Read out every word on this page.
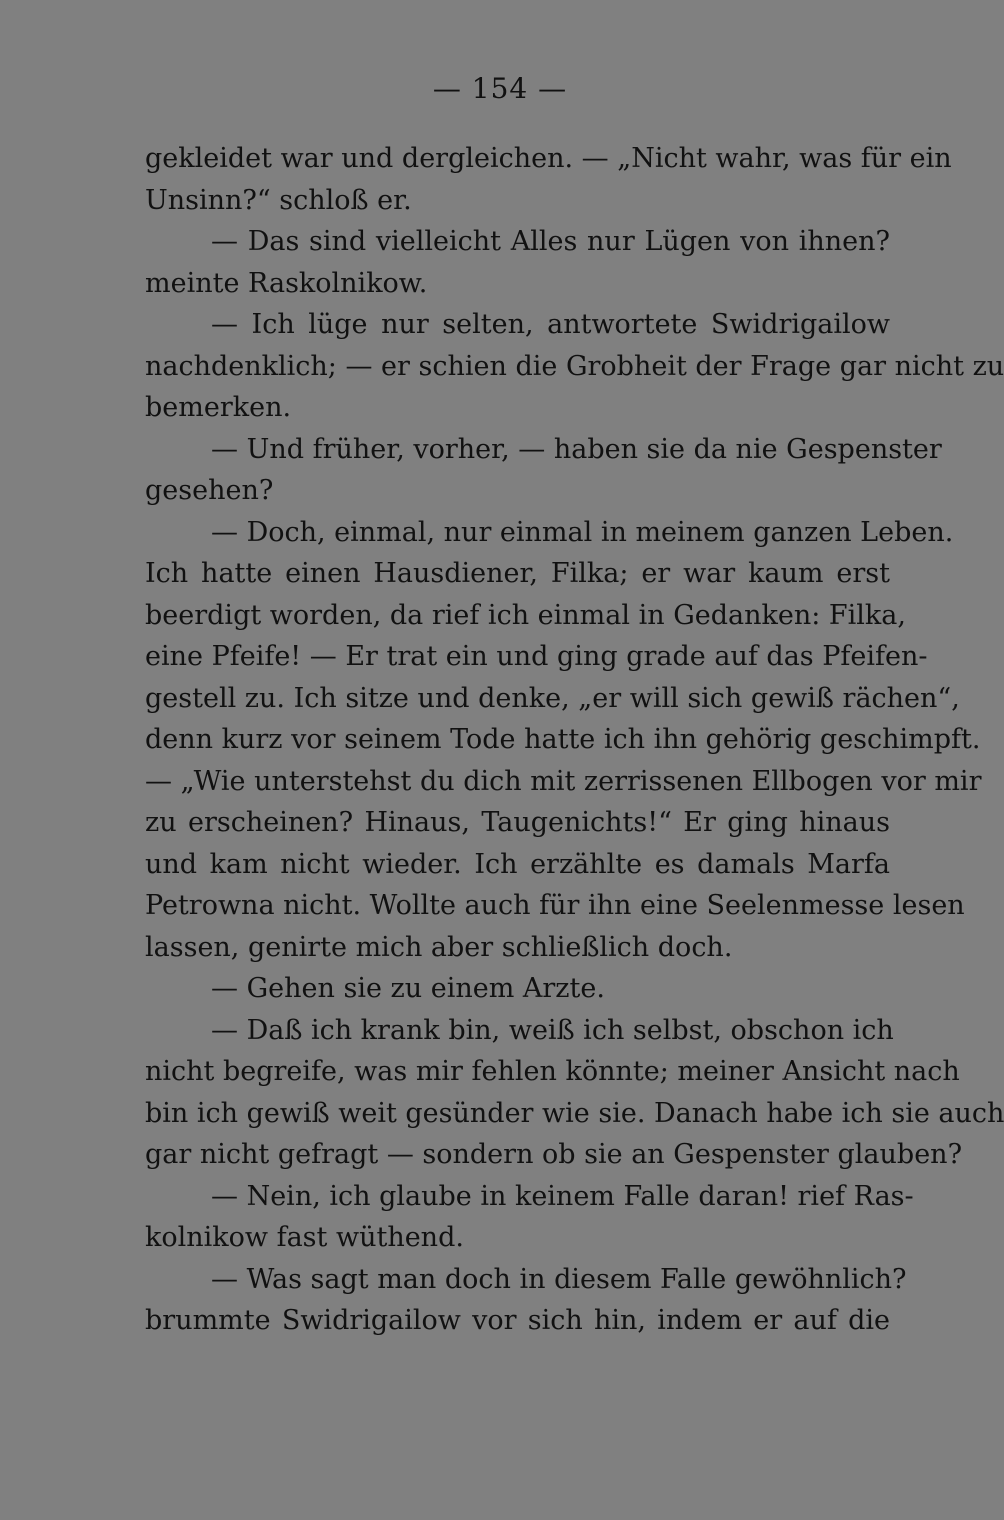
— 154 —
gekleidet war und dergleichen. — „Nicht wahr, was für ein
Unsinn?“ schloß er.
— Das sind vielleicht Alles nur Lügen von ihnen?
meinte Raskolnikow.
— Ich lüge nur selten, antwortete Swidrigailow
nachdenklich; — er schien die Grobheit der Frage gar nicht zu
bemerken.
— Und früher, vorher, — haben sie da nie Gespenster
gesehen?
— Doch, einmal, nur einmal in meinem ganzen Leben.
Ich hatte einen Hausdiener, Filka; er war kaum erst
beerdigt worden, da rief ich einmal in Gedanken: Filka,
eine Pfeife! — Er trat ein und ging grade auf das Pfeifen-
gestell zu. Ich sitze und denke, „er will sich gewiß rächen“,
denn kurz vor seinem Tode hatte ich ihn gehörig geschimpft.
— „Wie unterstehst du dich mit zerrissenen Ellbogen vor mir
zu erscheinen? Hinaus, Taugenichts!“ Er ging hinaus
und kam nicht wieder. Ich erzählte es damals Marfa
Petrowna nicht. Wollte auch für ihn eine Seelenmesse lesen
lassen, genirte mich aber schließlich doch.
— Gehen sie zu einem Arzte.
— Daß ich krank bin, weiß ich selbst, obschon ich
nicht begreife, was mir fehlen könnte; meiner Ansicht nach
bin ich gewiß weit gesünder wie sie. Danach habe ich sie auch
gar nicht gefragt — sondern ob sie an Gespenster glauben?
— Nein, ich glaube in keinem Falle daran! rief Ras-
kolnikow fast wüthend.
— Was sagt man doch in diesem Falle gewöhnlich?
brummte Swidrigailow vor sich hin, indem er auf die
